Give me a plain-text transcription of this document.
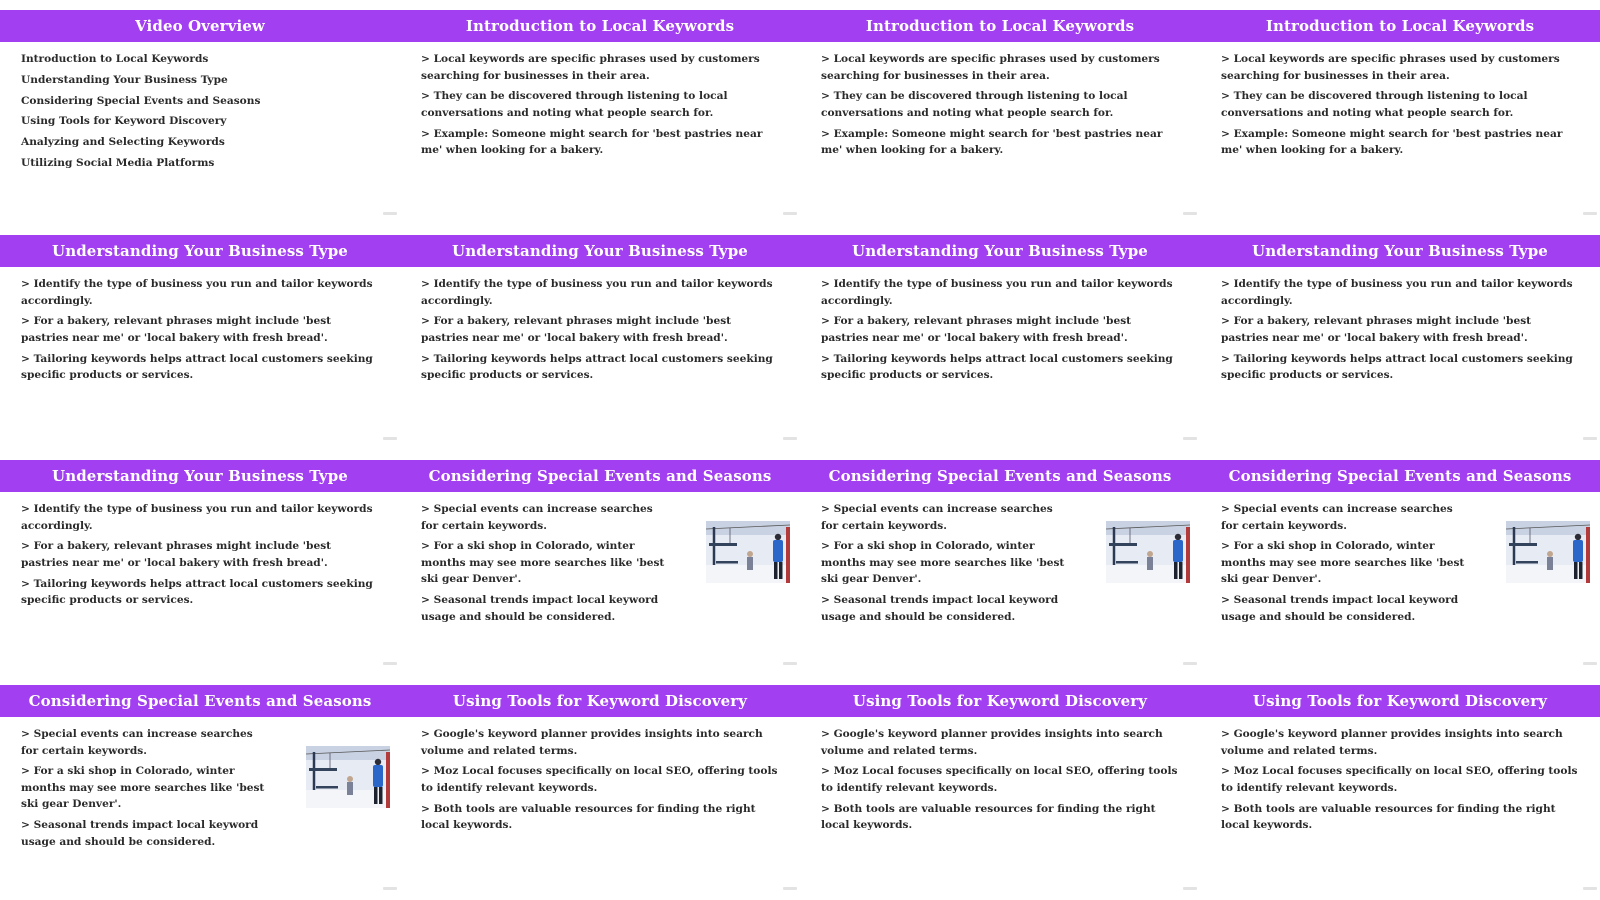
Video Overview
Introduction to Local Keywords
Understanding Your Business Type
Considering Special Events and Seasons
Using Tools for Keyword Discovery
Analyzing and Selecting Keywords
Utilizing Social Media Platforms
Introduction to Local Keywords
> Local keywords are specific phrases used by customers searching for businesses in their area.
> They can be discovered through listening to local conversations and noting what people search for.
> Example: Someone might search for 'best pastries near me' when looking for a bakery.
Introduction to Local Keywords
> Local keywords are specific phrases used by customers searching for businesses in their area.
> They can be discovered through listening to local conversations and noting what people search for.
> Example: Someone might search for 'best pastries near me' when looking for a bakery.
Introduction to Local Keywords
> Local keywords are specific phrases used by customers searching for businesses in their area.
> They can be discovered through listening to local conversations and noting what people search for.
> Example: Someone might search for 'best pastries near me' when looking for a bakery.
Understanding Your Business Type
> Identify the type of business you run and tailor keywords accordingly.
> For a bakery, relevant phrases might include 'best pastries near me' or 'local bakery with fresh bread'.
> Tailoring keywords helps attract local customers seeking specific products or services.
Understanding Your Business Type
> Identify the type of business you run and tailor keywords accordingly.
> For a bakery, relevant phrases might include 'best pastries near me' or 'local bakery with fresh bread'.
> Tailoring keywords helps attract local customers seeking specific products or services.
Understanding Your Business Type
> Identify the type of business you run and tailor keywords accordingly.
> For a bakery, relevant phrases might include 'best pastries near me' or 'local bakery with fresh bread'.
> Tailoring keywords helps attract local customers seeking specific products or services.
Understanding Your Business Type
> Identify the type of business you run and tailor keywords accordingly.
> For a bakery, relevant phrases might include 'best pastries near me' or 'local bakery with fresh bread'.
> Tailoring keywords helps attract local customers seeking specific products or services.
Understanding Your Business Type
> Identify the type of business you run and tailor keywords accordingly.
> For a bakery, relevant phrases might include 'best pastries near me' or 'local bakery with fresh bread'.
> Tailoring keywords helps attract local customers seeking specific products or services.
Considering Special Events and Seasons
> Special events can increase searches for certain keywords.
> For a ski shop in Colorado, winter months may see more searches like 'best ski gear Denver'.
> Seasonal trends impact local keyword usage and should be considered.
Considering Special Events and Seasons
> Special events can increase searches for certain keywords.
> For a ski shop in Colorado, winter months may see more searches like 'best ski gear Denver'.
> Seasonal trends impact local keyword usage and should be considered.
Considering Special Events and Seasons
> Special events can increase searches for certain keywords.
> For a ski shop in Colorado, winter months may see more searches like 'best ski gear Denver'.
> Seasonal trends impact local keyword usage and should be considered.
Considering Special Events and Seasons
> Special events can increase searches for certain keywords.
> For a ski shop in Colorado, winter months may see more searches like 'best ski gear Denver'.
> Seasonal trends impact local keyword usage and should be considered.
Using Tools for Keyword Discovery
> Google's keyword planner provides insights into search volume and related terms.
> Moz Local focuses specifically on local SEO, offering tools to identify relevant keywords.
> Both tools are valuable resources for finding the right local keywords.
Using Tools for Keyword Discovery
> Google's keyword planner provides insights into search volume and related terms.
> Moz Local focuses specifically on local SEO, offering tools to identify relevant keywords.
> Both tools are valuable resources for finding the right local keywords.
Using Tools for Keyword Discovery
> Google's keyword planner provides insights into search volume and related terms.
> Moz Local focuses specifically on local SEO, offering tools to identify relevant keywords.
> Both tools are valuable resources for finding the right local keywords.
